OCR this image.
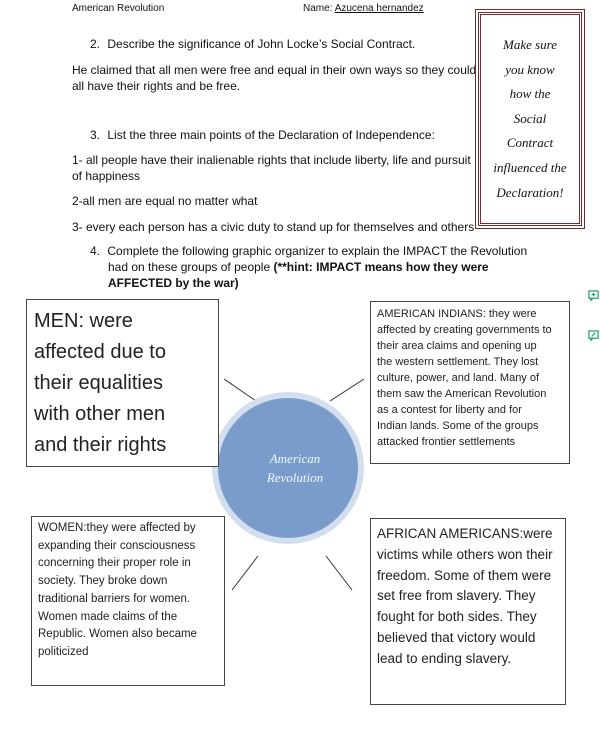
American Revolution	Name: Azucena hernandez
2. Describe the significance of John Locke’s Social Contract.
He claimed that all men were free and equal in their own ways so they could
all have their rights and be free.
3. List the three main points of the Declaration of Independence:
1- all people have their inalienable rights that include liberty, life and pursuit
of happiness
2-all men are equal no matter what
3- every each person has a civic duty to stand up for themselves and others
4. Complete the following graphic organizer to explain the IMPACT the Revolution
had on these groups of people (**hint: IMPACT means how they were
AFFECTED by the war)
Make sure
you know
how the
Social
Contract
influenced the
Declaration!
American
Revolution
MEN: were
affected due to
their equalities
with other men
and their rights
AMERICAN INDIANS: they were
affected by creating governments to
their area claims and opening up
the western settlement. They lost
culture, power, and land. Many of
them saw the American Revolution
as a contest for liberty and for
Indian lands. Some of the groups
attacked frontier settlements
WOMEN:they were affected by
expanding their consciousness
concerning their proper role in
society. They broke down
traditional barriers for women.
Women made claims of the
Republic. Women also became
politicized
AFRICAN AMERICANS:were
victims while others won their
freedom. Some of them were
set free from slavery. They
fought for both sides. They
believed that victory would
lead to ending slavery.
